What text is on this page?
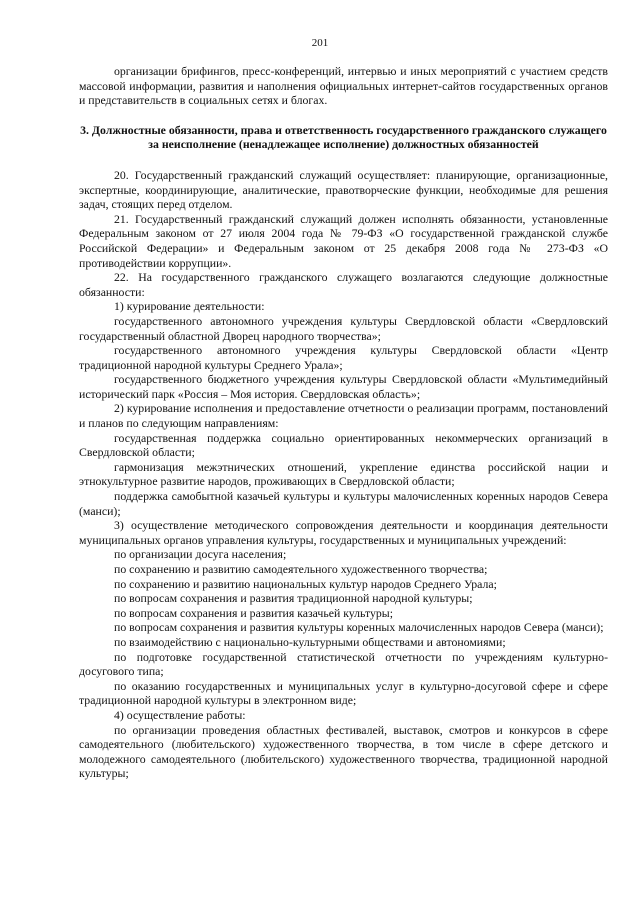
201

организации брифингов, пресс-конференций, интервью и иных мероприятий с участием средств массовой информации, развития и наполнения официальных интернет-сайтов государственных органов и представительств в социальных сетях и блогах.

3. Должностные обязанности, права и ответственность государственного гражданского служащего за неисполнение (ненадлежащее исполнение) должностных обязанностей

20. Государственный гражданский служащий осуществляет: планирующие, организационные, экспертные, координирующие, аналитические, правотворческие функции, необходимые для решения задач, стоящих перед отделом.

21. Государственный гражданский служащий должен исполнять обязанности, установленные Федеральным законом от 27 июля 2004 года № 79-ФЗ «О государственной гражданской службе Российской Федерации» и Федеральным законом от 25 декабря 2008 года № 273-ФЗ «О противодействии коррупции».

22. На государственного гражданского служащего возлагаются следующие должностные обязанности:

1) курирование деятельности:

государственного автономного учреждения культуры Свердловской области «Свердловский государственный областной Дворец народного творчества»;

государственного автономного учреждения культуры Свердловской области «Центр традиционной народной культуры Среднего Урала»;

государственного бюджетного учреждения культуры Свердловской области «Мультимедийный исторический парк «Россия – Моя история. Свердловская область»;

2) курирование исполнения и предоставление отчетности о реализации программ, постановлений и планов по следующим направлениям:

государственная поддержка социально ориентированных некоммерческих организаций в Свердловской области;

гармонизация межэтнических отношений, укрепление единства российской нации и этнокультурное развитие народов, проживающих в Свердловской области;

поддержка самобытной казачьей культуры и культуры малочисленных коренных народов Севера (манси);

3) осуществление методического сопровождения деятельности и координация деятельности муниципальных органов управления культуры, государственных и муниципальных учреждений:

по организации досуга населения;

по сохранению и развитию самодеятельного художественного творчества;

по сохранению и развитию национальных культур народов Среднего Урала;

по вопросам сохранения и развития традиционной народной культуры;

по вопросам сохранения и развития казачьей культуры;

по вопросам сохранения и развития культуры коренных малочисленных народов Севера (манси);

по взаимодействию с национально-культурными обществами и автономиями;

по подготовке государственной статистической отчетности по учреждениям культурно-досугового типа;

по оказанию государственных и муниципальных услуг в культурно-досуговой сфере и сфере традиционной народной культуры в электронном виде;

4) осуществление работы:

по организации проведения областных фестивалей, выставок, смотров и конкурсов в сфере самодеятельного (любительского) художественного творчества, в том числе в сфере детского и молодежного самодеятельного (любительского) художественного творчества, традиционной народной культуры;
